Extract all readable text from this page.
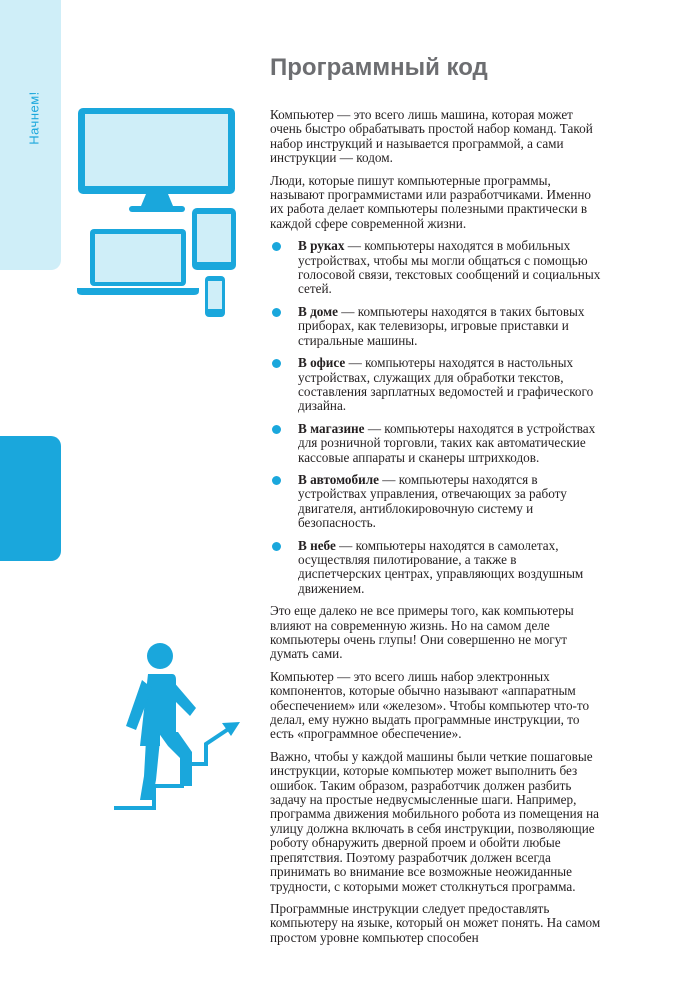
Начнем!
10
Программный код

Компьютер — это всего лишь машина, которая может очень быстро обрабатывать простой набор команд. Такой набор инструкций и называется программой, а сами инструкции — кодом.

Люди, которые пишут компьютерные программы, называют программистами или разработчиками. Именно их работа делает компьютеры полезными практически в каждой сфере современной жизни.

В руках — компьютеры находятся в мобильных устройствах, чтобы мы могли общаться с помощью голосовой связи, текстовых сообщений и социальных сетей.
В доме — компьютеры находятся в таких бытовых приборах, как телевизоры, игровые приставки и стиральные машины.
В офисе — компьютеры находятся в настольных устройствах, служащих для обработки текстов, составления зарплатных ведомостей и графического дизайна.
В магазине — компьютеры находятся в устройствах для розничной торговли, таких как автоматические кассовые аппараты и сканеры штрихкодов.
В автомобиле — компьютеры находятся в устройствах управления, отвечающих за работу двигателя, антиблокировочную систему и безопасность.
В небе — компьютеры находятся в самолетах, осуществляя пилотирование, а также в диспетчерских центрах, управляющих воздушным движением.

Это еще далеко не все примеры того, как компьютеры влияют на современную жизнь. Но на самом деле компьютеры очень глупы! Они совершенно не могут думать сами.

Компьютер — это всего лишь набор электронных компонентов, которые обычно называют «аппаратным обеспечением» или «железом». Чтобы компьютер что-то делал, ему нужно выдать программные инструкции, то есть «программное обеспечение».

Важно, чтобы у каждой машины были четкие пошаговые инструкции, которые компьютер может выполнить без ошибок. Таким образом, разработчик должен разбить задачу на простые недвусмысленные шаги. Например, программа движения мобильного робота из помещения на улицу должна включать в себя инструкции, позволяющие роботу обнаружить дверной проем и обойти любые препятствия. Поэтому разработчик должен всегда принимать во внимание все возможные неожиданные трудности, с которыми может столкнуться программа.

Программные инструкции следует предоставлять компьютеру на языке, который он может понять. На самом простом уровне компьютер способен
